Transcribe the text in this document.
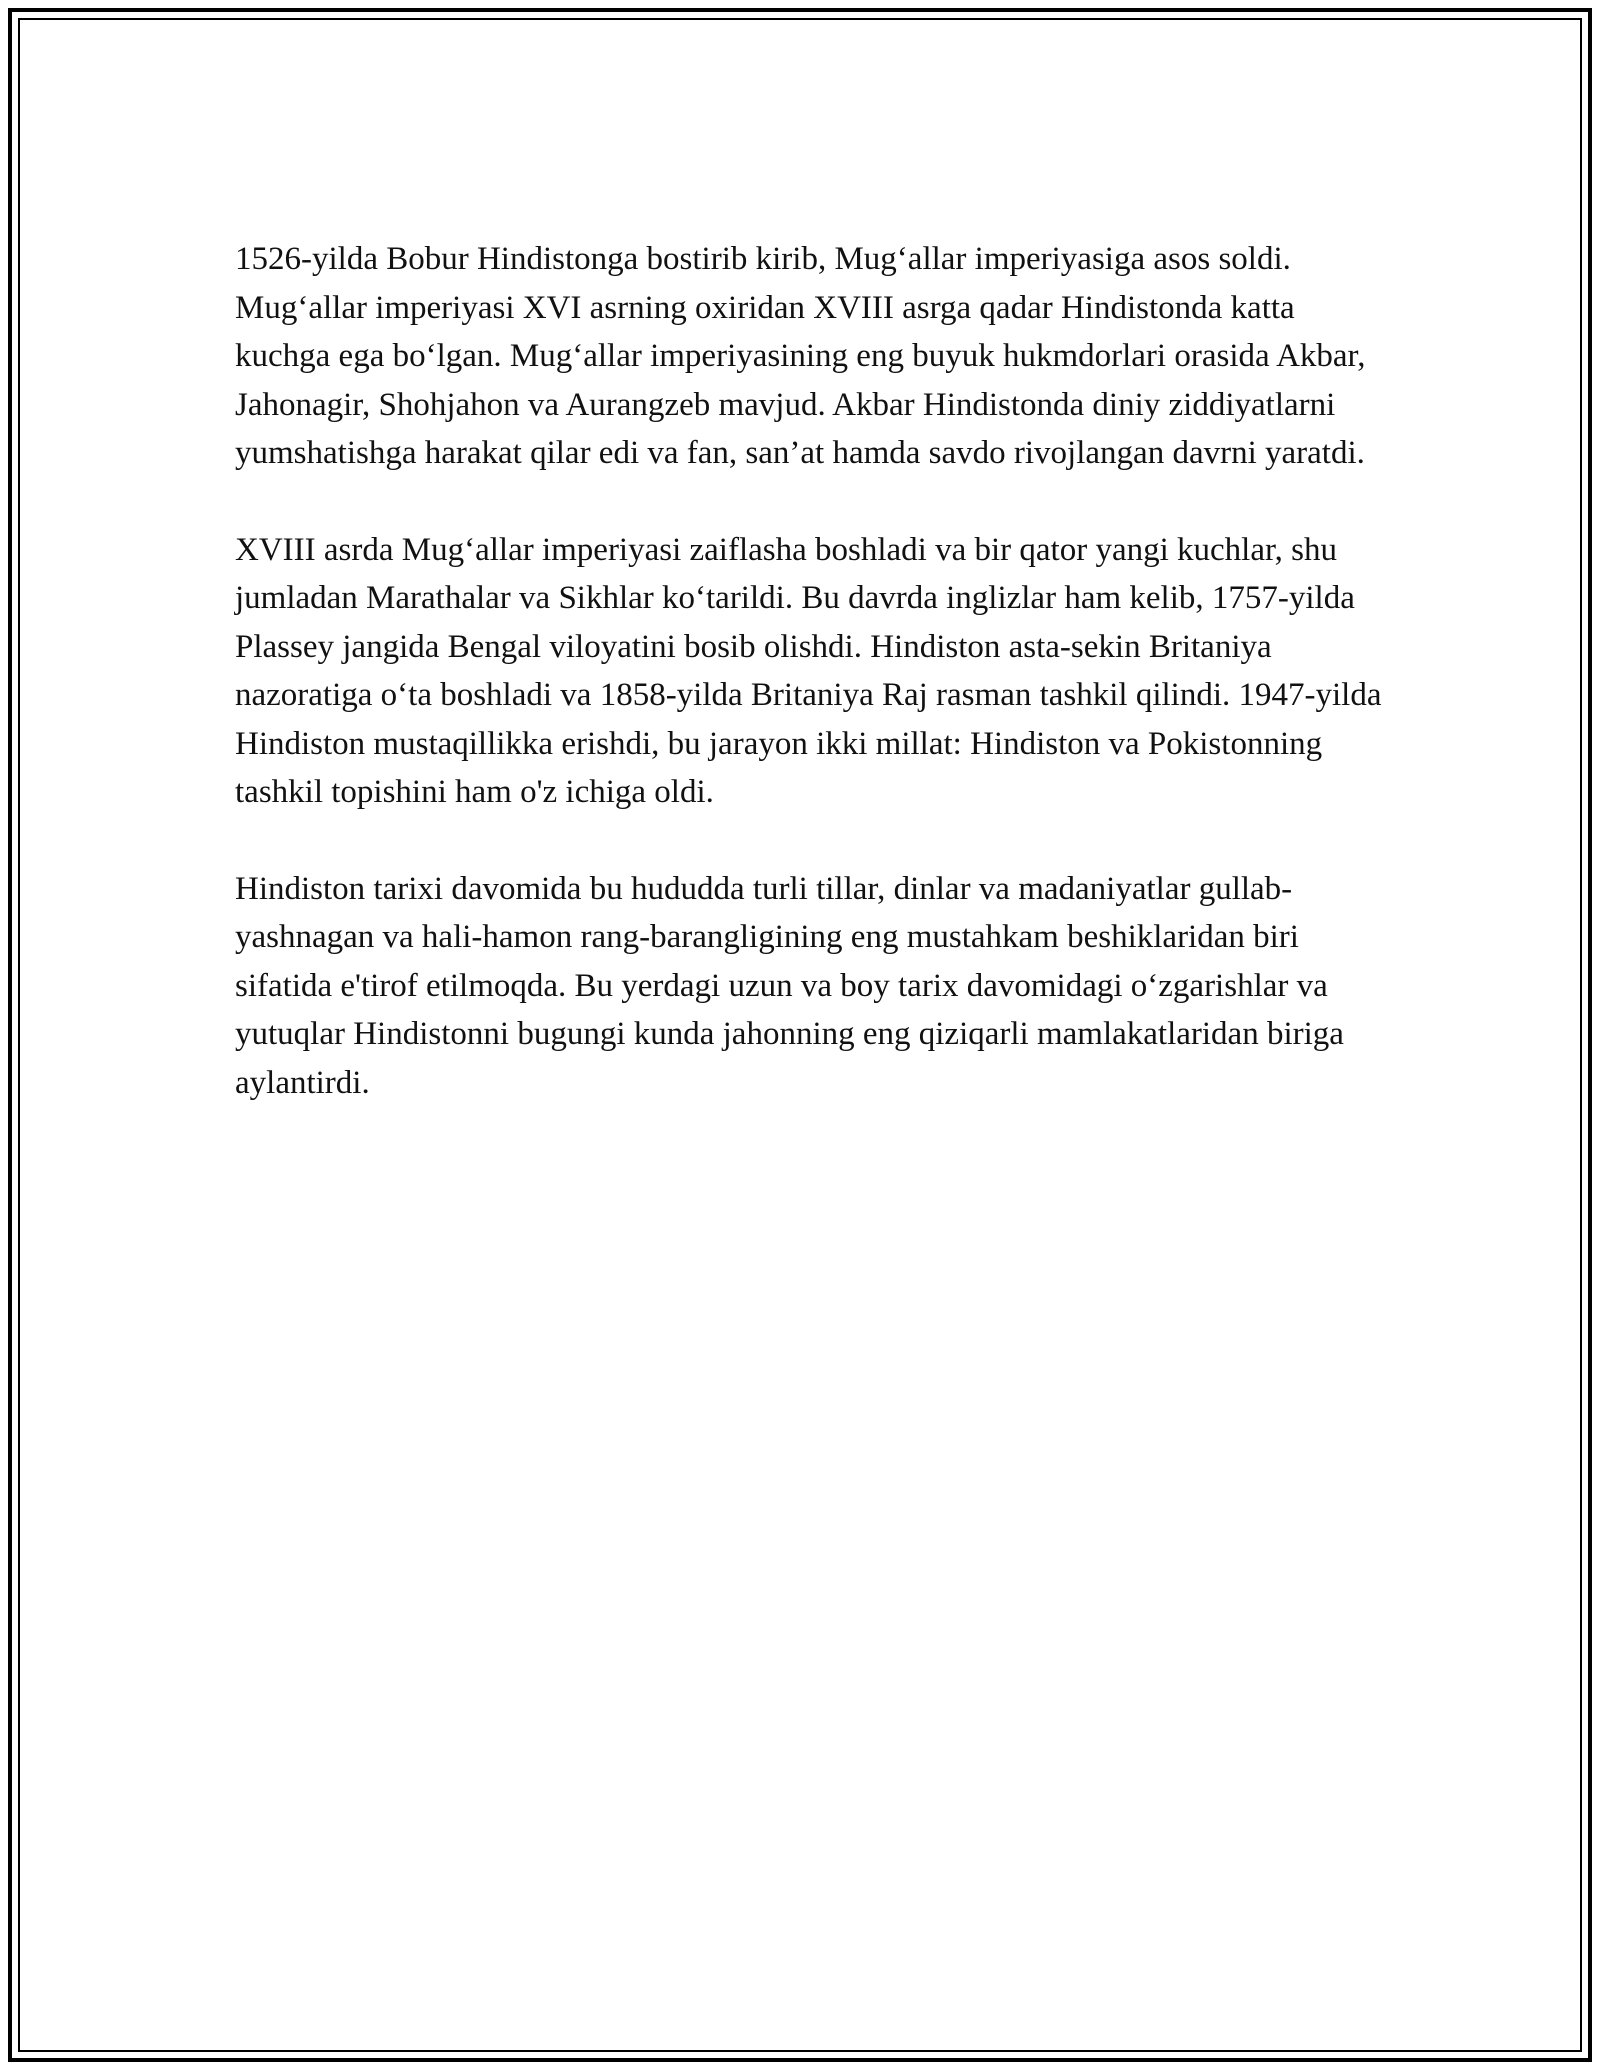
1526-yilda Bobur Hindistonga bostirib kirib, Mug‘allar imperiyasiga asos soldi. Mug‘allar imperiyasi XVI asrning oxiridan XVIII asrga qadar Hindistonda katta kuchga ega bo‘lgan. Mug‘allar imperiyasining eng buyuk hukmdorlari orasida Akbar, Jahonagir, Shohjahon va Aurangzeb mavjud. Akbar Hindistonda diniy ziddiyatlarni yumshatishga harakat qilar edi va fan, san’at hamda savdo rivojlangan davrni yaratdi.

XVIII asrda Mug‘allar imperiyasi zaiflasha boshladi va bir qator yangi kuchlar, shu jumladan Marathalar va Sikhlar ko‘tarildi. Bu davrda inglizlar ham kelib, 1757-yilda Plassey jangida Bengal viloyatini bosib olishdi. Hindiston asta-sekin Britaniya nazoratiga o‘ta boshladi va 1858-yilda Britaniya Raj rasman tashkil qilindi. 1947-yilda Hindiston mustaqillikka erishdi, bu jarayon ikki millat: Hindiston va Pokistonning tashkil topishini ham o'z ichiga oldi.

Hindiston tarixi davomida bu hududda turli tillar, dinlar va madaniyatlar gullab-yashnagan va hali-hamon rang-barangligining eng mustahkam beshiklaridan biri sifatida e'tirof etilmoqda. Bu yerdagi uzun va boy tarix davomidagi o‘zgarishlar va yutuqlar Hindistonni bugungi kunda jahonning eng qiziqarli mamlakatlaridan biriga aylantirdi.
